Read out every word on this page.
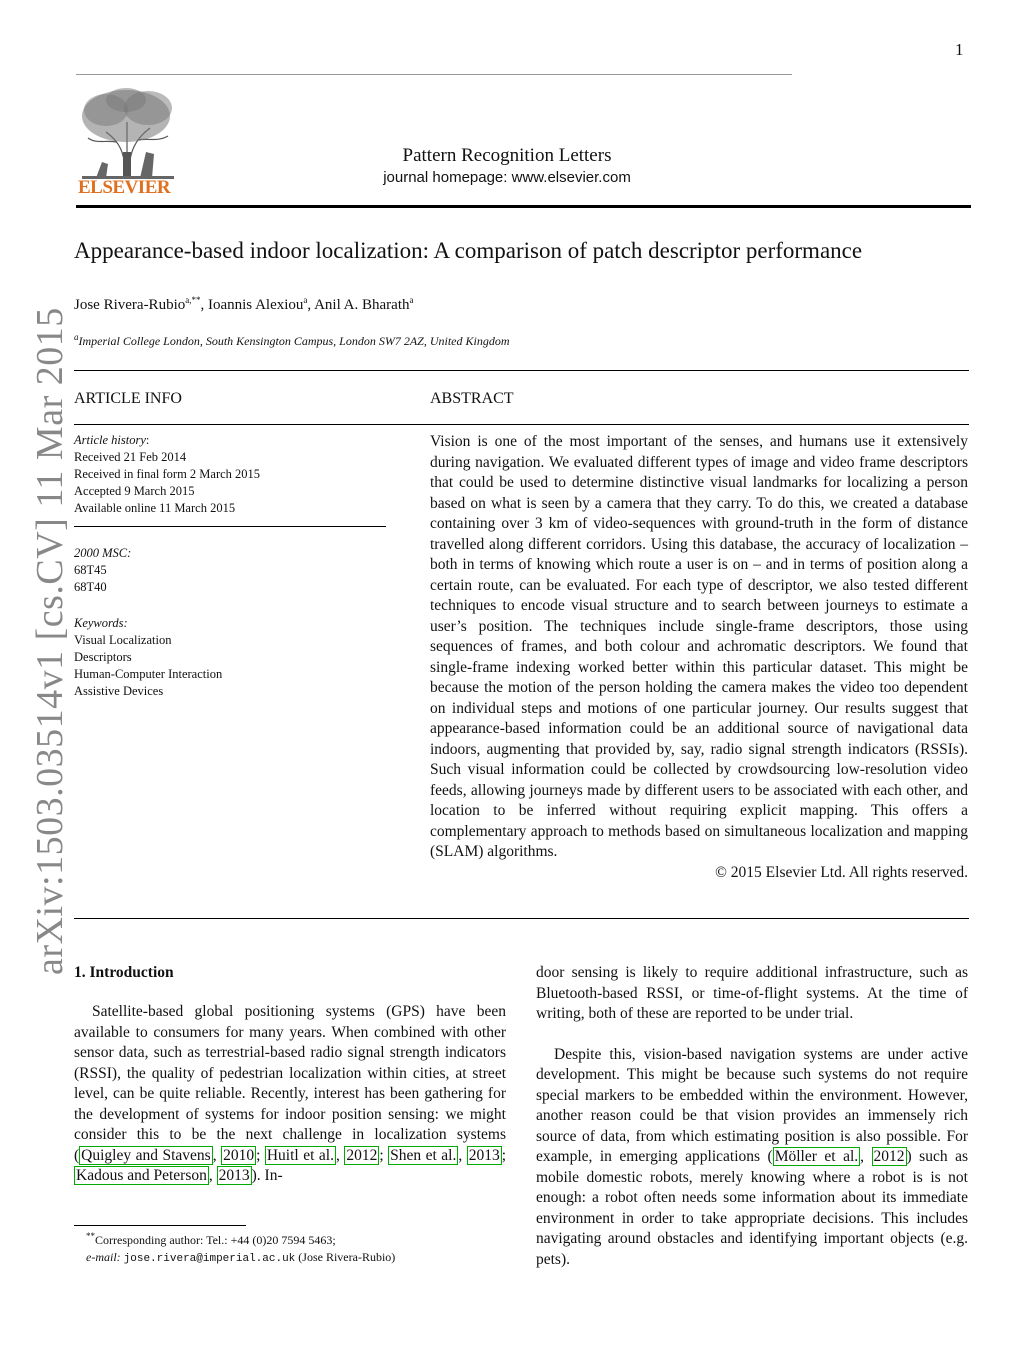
1
ELSEVIER
Pattern Recognition Letters
journal homepage: www.elsevier.com
arXiv:1503.03514v1 [cs.CV] 11 Mar 2015
Appearance-based indoor localization: A comparison of patch descriptor performance
Jose Rivera-Rubio$^{a,**}$, Ioannis Alexiou$^a$, Anil A. Bharath$^a$
$^a$Imperial College London, South Kensington Campus, London SW7 2AZ, United Kingdom
ARTICLE INFO	ABSTRACT
Article history:
Received 21 Feb 2014
Received in final form 2 March 2015
Accepted 9 March 2015
Available online 11 March 2015
2000 MSC:
68T45
68T40
Keywords:
Visual Localization
Descriptors
Human-Computer Interaction
Assistive Devices
Vision is one of the most important of the senses, and humans use it extensively during navigation. We evaluated different types of image and video frame descriptors that could be used to determine distinctive visual landmarks for localizing a person based on what is seen by a camera that they carry. To do this, we created a database containing over 3 km of video-sequences with ground-truth in the form of distance travelled along different corridors. Using this database, the accuracy of localization – both in terms of knowing which route a user is on – and in terms of position along a certain route, can be evaluated. For each type of descriptor, we also tested different techniques to encode visual structure and to search between journeys to estimate a user’s position. The techniques include single-frame descriptors, those using sequences of frames, and both colour and achromatic descriptors. We found that single-frame indexing worked better within this particular dataset. This might be because the motion of the person holding the camera makes the video too dependent on individual steps and motions of one particular journey. Our results suggest that appearance-based information could be an additional source of navigational data indoors, augmenting that provided by, say, radio signal strength indicators (RSSIs). Such visual information could be collected by crowdsourcing low-resolution video feeds, allowing journeys made by different users to be associated with each other, and location to be inferred without requiring explicit mapping. This offers a complementary approach to methods based on simultaneous localization and mapping (SLAM) algorithms.
© 2015 Elsevier Ltd. All rights reserved.
1. Introduction

Satellite-based global positioning systems (GPS) have been available to consumers for many years. When combined with other sensor data, such as terrestrial-based radio signal strength indicators (RSSI), the quality of pedestrian localization within cities, at street level, can be quite reliable. Recently, interest has been gathering for the development of systems for indoor position sensing: we might consider this to be the next challenge in localization systems ( Quigley and Stavens , 2010 ; Huitl et al. , 2012 ; Shen et al. , 2013 ; Kadous and Peterson , 2013 ). In-

**Corresponding author: Tel.: +44 (0)20 7594 5463;
e-mail: jose.rivera@imperial.ac.uk (Jose Rivera-Rubio)

door sensing is likely to require additional infrastructure, such as Bluetooth-based RSSI, or time-of-flight systems. At the time of writing, both of these are reported to be under trial.

Despite this, vision-based navigation systems are under active development. This might be because such systems do not require special markers to be embedded within the environment. However, another reason could be that vision provides an immensely rich source of data, from which estimating position is also possible. For example, in emerging applications ( Möller et al. , 2012 ) such as mobile domestic robots, merely knowing where a robot is is not enough: a robot often needs some information about its immediate environment in order to take appropriate decisions. This includes navigating around obstacles and identifying important objects (e.g. pets).
